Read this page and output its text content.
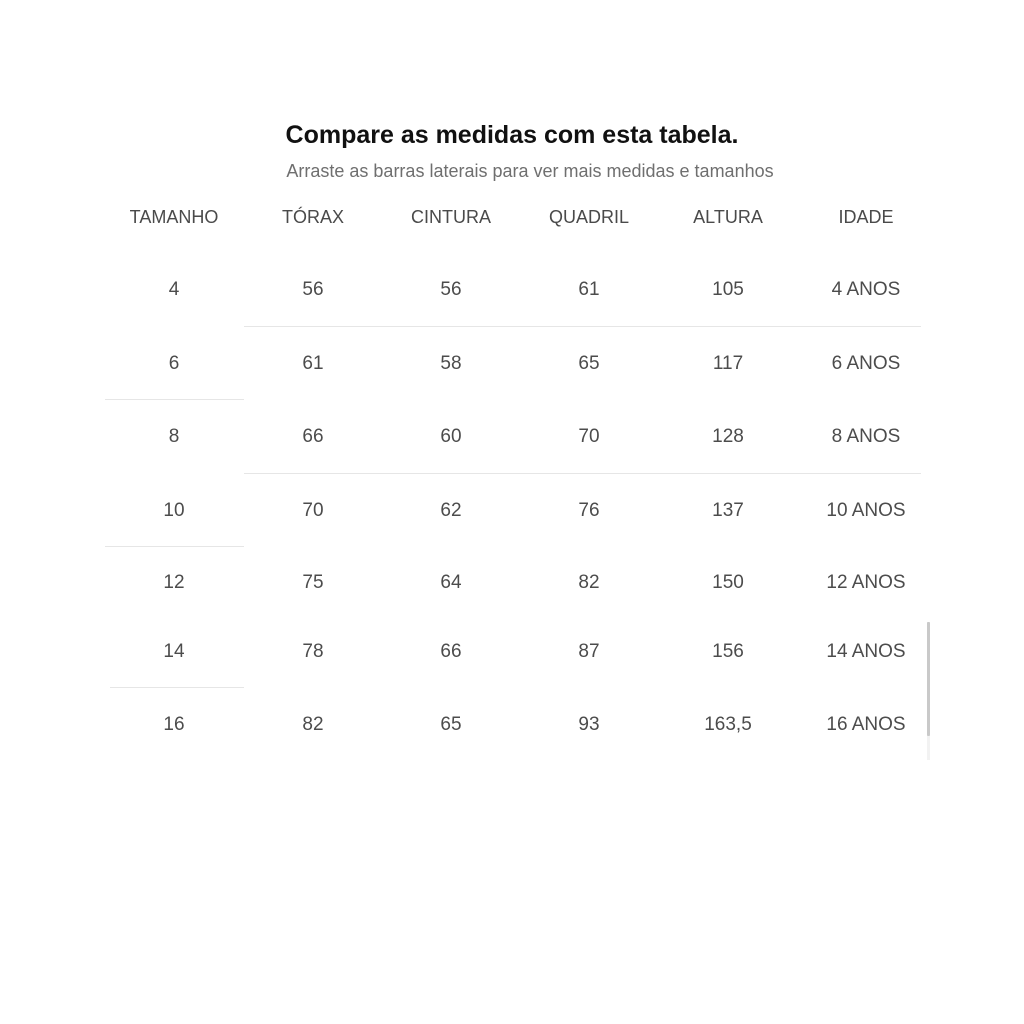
Compare as medidas com esta tabela.

Arraste as barras laterais para ver mais medidas e tamanhos

TAMANHO	TÓRAX	CINTURA	QUADRIL	ALTURA	IDADE
4	56	56	61	105	4 ANOS
6	61	58	65	117	6 ANOS
8	66	60	70	128	8 ANOS
10	70	62	76	137	10 ANOS
12	75	64	82	150	12 ANOS
14	78	66	87	156	14 ANOS
16	82	65	93	163,5	16 ANOS
